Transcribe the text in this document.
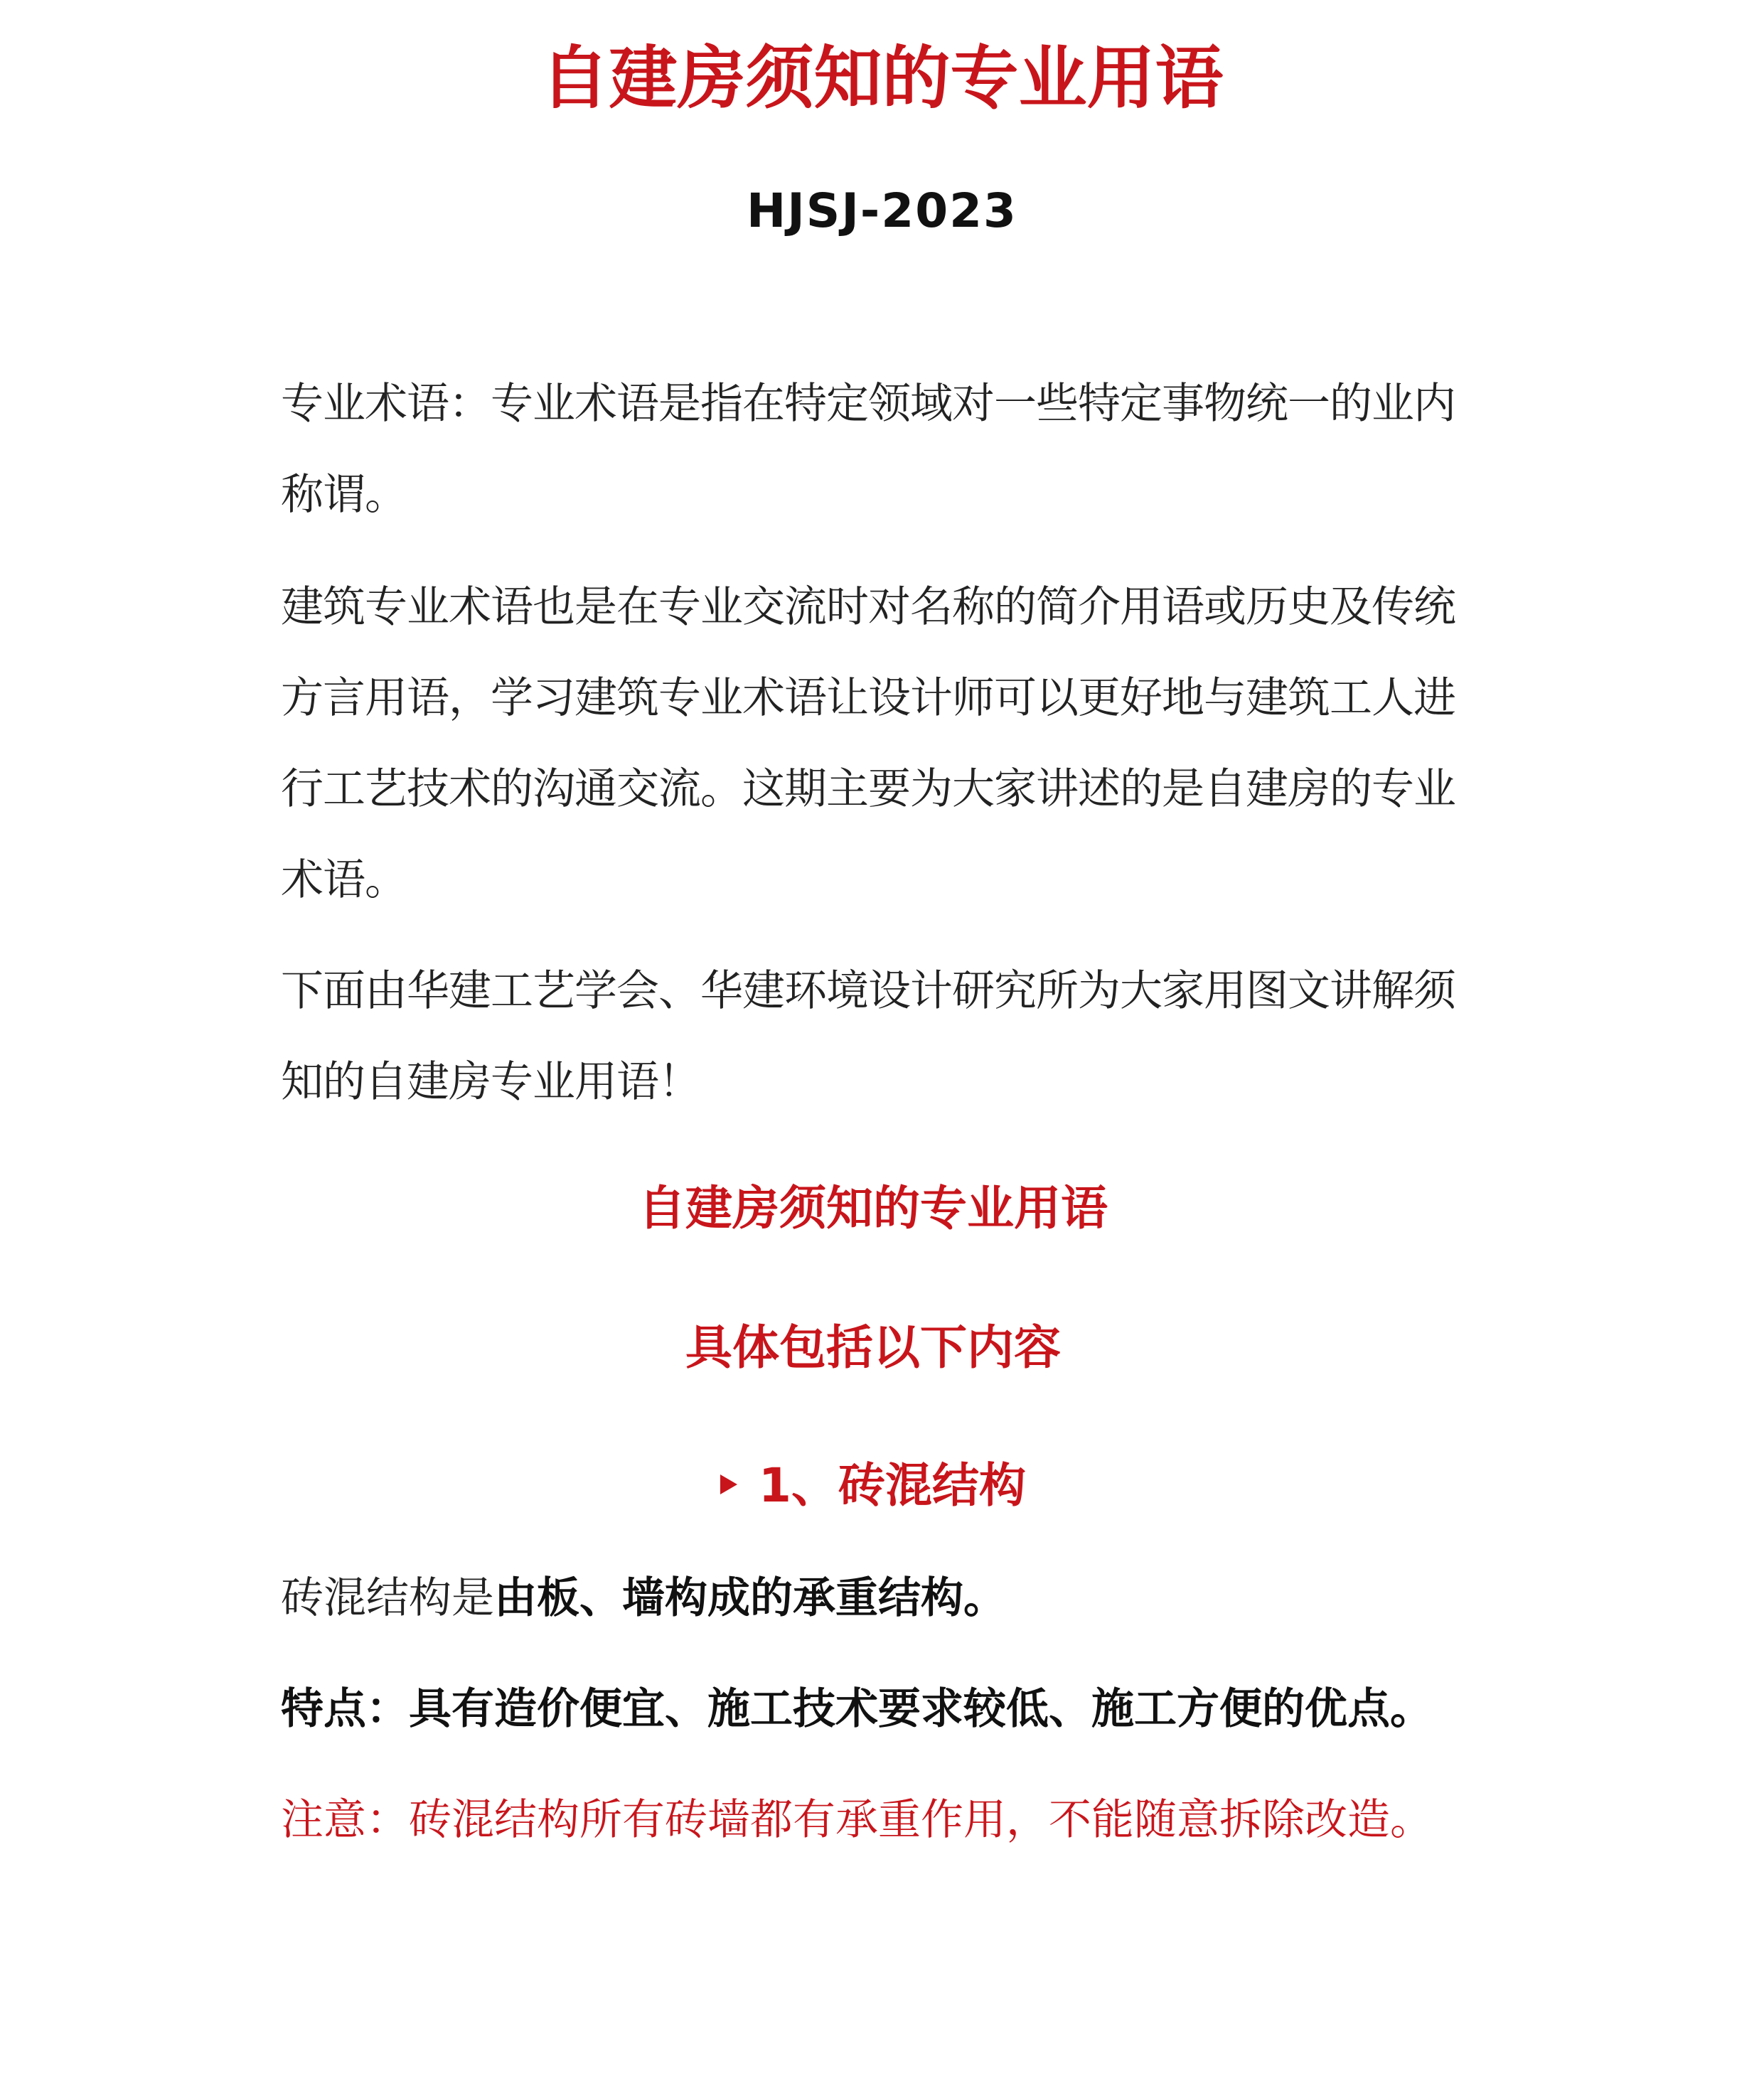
自建房须知的专业用语
HJSJ-2023

专业术语：专业术语是指在特定领域对一些特定事物统一的业内称谓。

建筑专业术语也是在专业交流时对名称的简介用语或历史及传统方言用语，学习建筑专业术语让设计师可以更好地与建筑工人进行工艺技术的沟通交流。这期主要为大家讲述的是自建房的专业术语。

下面由华建工艺学会、华建环境设计研究所为大家用图文讲解须知的自建房专业用语！

自建房须知的专业用语
具体包括以下内容
1、砖混结构

砖混结构是由板、墙构成的承重结构。

特点：具有造价便宜、施工技术要求较低、施工方便的优点。

注意：砖混结构所有砖墙都有承重作用，不能随意拆除改造。
